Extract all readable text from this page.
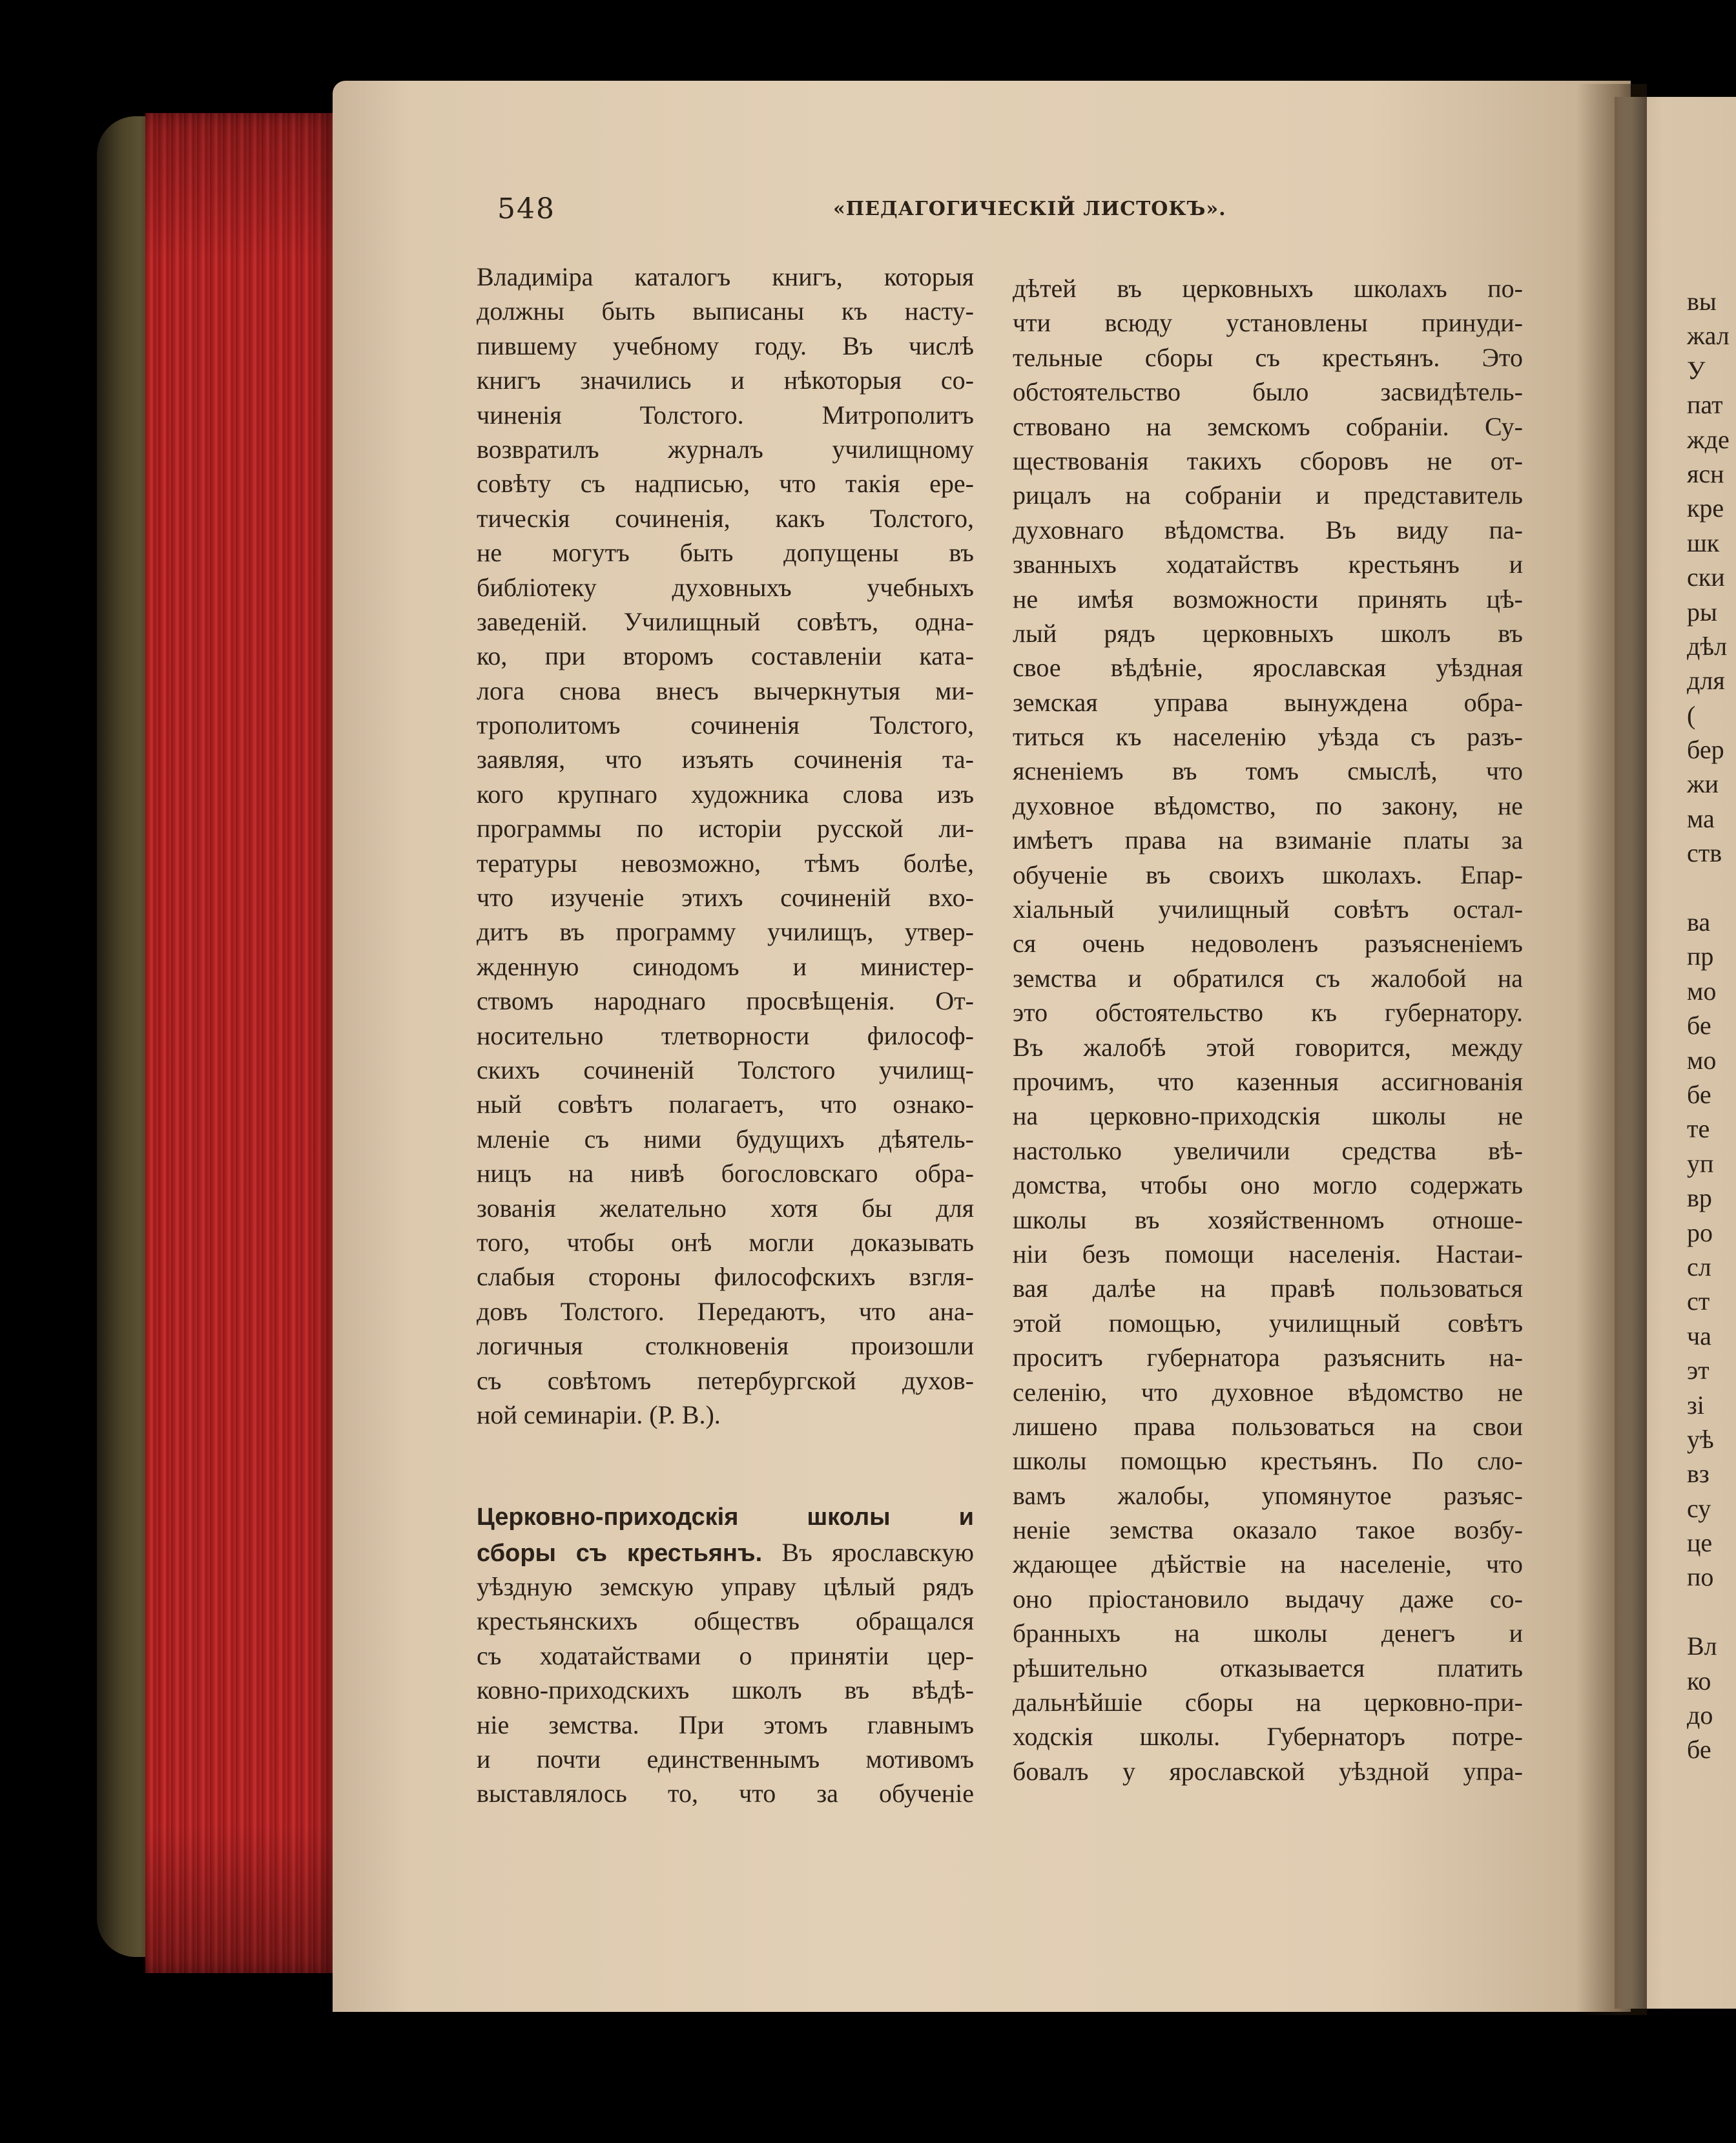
548	«ПЕДАГОГИЧЕСКІЙ ЛИСТОКЪ».
Владиміра каталогъ книгъ, которыя
должны быть выписаны къ насту-
пившему учебному году. Въ числѣ
книгъ значились и нѣкоторыя со-
чиненія Толстого. Митрополитъ
возвратилъ журналъ училищному
совѣту съ надписью, что такія ере-
тическія сочиненія, какъ Толстого,
не могутъ быть допущены въ
библіотеку духовныхъ учебныхъ
заведеній. Училищный совѣтъ, одна-
ко, при второмъ составленіи ката-
лога снова внесъ вычеркнутыя ми-
трополитомъ сочиненія Толстого,
заявляя, что изъять сочиненія та-
кого крупнаго художника слова изъ
программы по исторіи русской ли-
тературы невозможно, тѣмъ болѣе,
что изученіе этихъ сочиненій вхо-
дитъ въ программу училищъ, утвер-
жденную синодомъ и министер-
ствомъ народнаго просвѣщенія. От-
носительно тлетворности философ-
скихъ сочиненій Толстого училищ-
ный совѣтъ полагаетъ, что ознако-
мленіе съ ними будущихъ дѣятель-
ницъ на нивѣ богословскаго обра-
зованія желательно хотя бы для
того, чтобы онѣ могли доказывать
слабыя стороны философскихъ взгля-
довъ Толстого. Передаютъ, что ана-
логичныя столкновенія произошли
съ совѣтомъ петербургской духов-
ной семинаріи. (Р. В.).
Церковно-приходскія школы и
сборы съ крестьянъ. Въ ярославскую
уѣздную земскую управу цѣлый рядъ
крестьянскихъ обществъ обращался
съ ходатайствами о принятіи цер-
ковно-приходскихъ школъ въ вѣдѣ-
ніе земства. При этомъ главнымъ
и почти единственнымъ мотивомъ
выставлялось то, что за обученіе
дѣтей въ церковныхъ школахъ по-
чти всюду установлены принуди-
тельные сборы съ крестьянъ. Это
обстоятельство было засвидѣтель-
ствовано на земскомъ собраніи. Су-
ществованія такихъ сборовъ не от-
рицалъ на собраніи и представитель
духовнаго вѣдомства. Въ виду па-
званныхъ ходатайствъ крестьянъ и
не имѣя возможности принять цѣ-
лый рядъ церковныхъ школъ въ
свое вѣдѣніе, ярославская уѣздная
земская управа вынуждена обра-
титься къ населенію уѣзда съ разъ-
ясненіемъ въ томъ смыслѣ, что
духовное вѣдомство, по закону, не
имѣетъ права на взиманіе платы за
обученіе въ своихъ школахъ. Епар-
хіальный училищный совѣтъ остал-
ся очень недоволенъ разъясненіемъ
земства и обратился съ жалобой на
это обстоятельство къ губернатору.
Въ жалобѣ этой говорится, между
прочимъ, что казенныя ассигнованія
на церковно-приходскія школы не
настолько увеличили средства вѣ-
домства, чтобы оно могло содержать
школы въ хозяйственномъ отноше-
ніи безъ помощи населенія. Настаи-
вая далѣе на правѣ пользоваться
этой помощью, училищный совѣтъ
проситъ губернатора разъяснить на-
селенію, что духовное вѣдомство не
лишено права пользоваться на свои
школы помощью крестьянъ. По сло-
вамъ жалобы, упомянутое разъяс-
неніе земства оказало такое возбу-
ждающее дѣйствіе на населеніе, что
оно пріостановило выдачу даже со-
бранныхъ на школы денегъ и
рѣшительно отказывается платить
дальнѣйшіе сборы на церковно-при-
ходскія школы. Губернаторъ потре-
бовалъ у ярославской уѣздной упра-
вы
жал
У
пат
жде
ясн
кре
шк
ски
ры
дѣл
для
(
бер
жи
ма
ств
ва
пр
мо
бе
мо
бе
те
уп
вр
ро
сл
ст
ча
эт
зі
уѣ
вз
су
це
по
Вл
ко
до
бе
